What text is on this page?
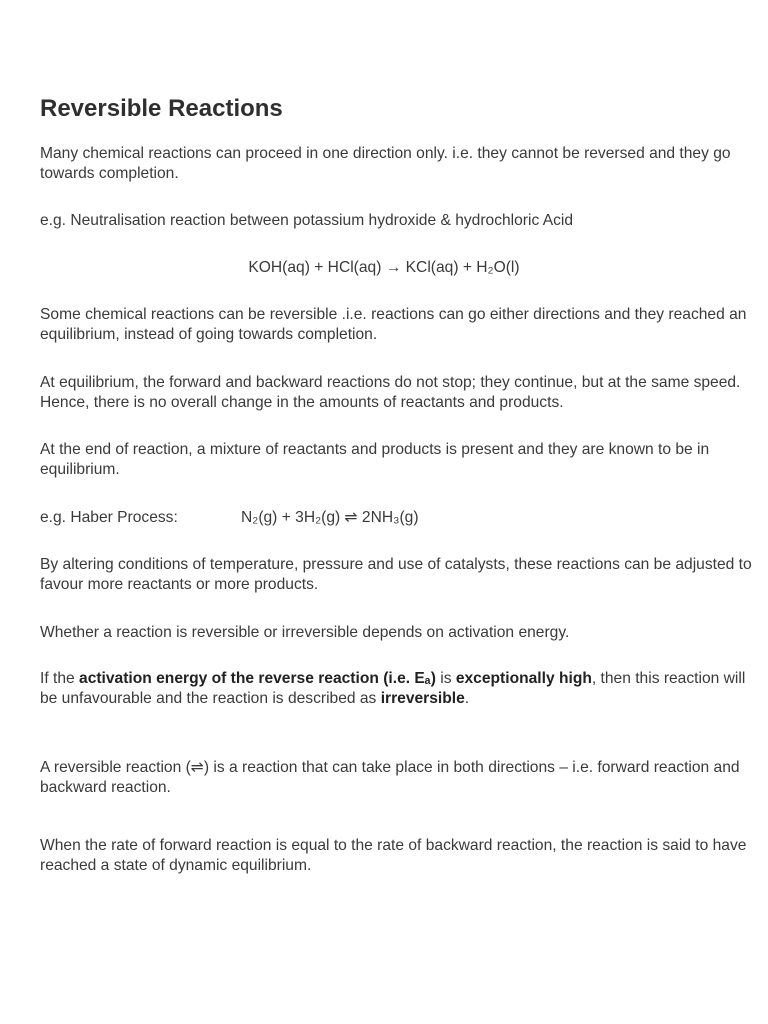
Reversible Reactions

Many chemical reactions can proceed in one direction only. i.e. they cannot be reversed and they go towards completion.

e.g. Neutralisation reaction between potassium hydroxide & hydrochloric Acid

KOH(aq) + HCl(aq) → KCl(aq) + H₂O(l)

Some chemical reactions can be reversible .i.e. reactions can go either directions and they reached an equilibrium, instead of going towards completion.

At equilibrium, the forward and backward reactions do not stop; they continue, but at the same speed. Hence, there is no overall change in the amounts of reactants and products.

At the end of reaction, a mixture of reactants and products is present and they are known to be in equilibrium.

e.g. Haber Process:	N₂(g) + 3H₂(g) ⇌ 2NH₃(g)

By altering conditions of temperature, pressure and use of catalysts, these reactions can be adjusted to favour more reactants or more products.

Whether a reaction is reversible or irreversible depends on activation energy.

If the activation energy of the reverse reaction (i.e. Eₐ) is exceptionally high, then this reaction will be unfavourable and the reaction is described as irreversible.

A reversible reaction (⇌) is a reaction that can take place in both directions – i.e. forward reaction and backward reaction.

When the rate of forward reaction is equal to the rate of backward reaction, the reaction is said to have reached a state of dynamic equilibrium.
